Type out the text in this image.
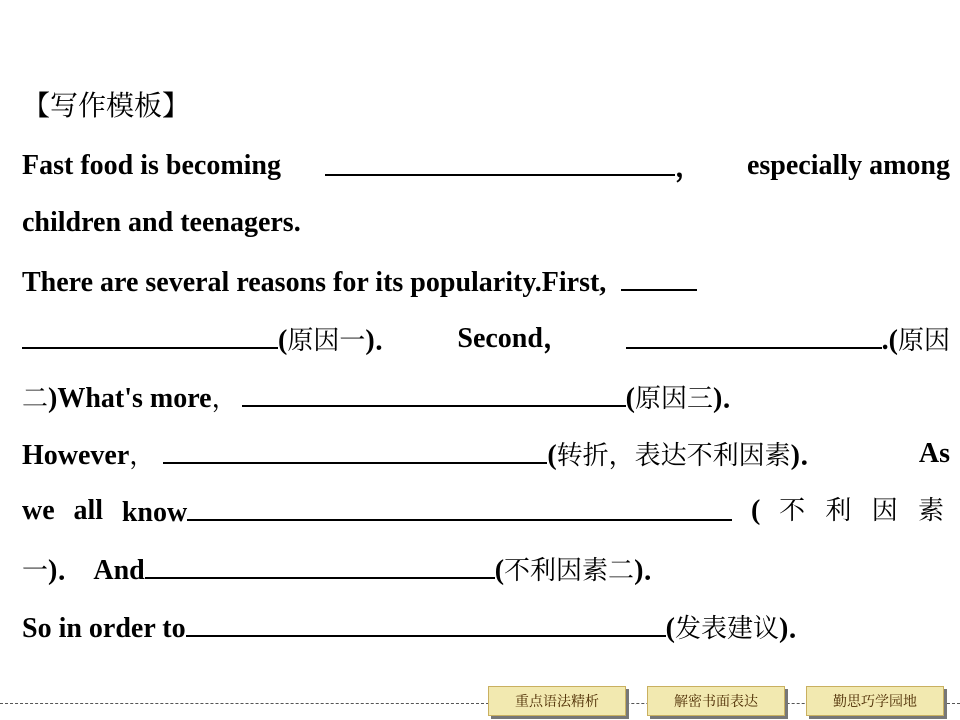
【写作模板】
Fast food is becoming	， especially among
children and teenagers.
There are several reasons for its popularity.First,
(原因一)． Second，	.(原因
二)What's more，	(原因三)．
However，	(转折，表达不利因素)．	As
we all know	( 不 利 因 素
一)． And	(不利因素二)．
So in order to	(发表建议)．
重点语法精析	解密书面表达	勤思巧学园地
